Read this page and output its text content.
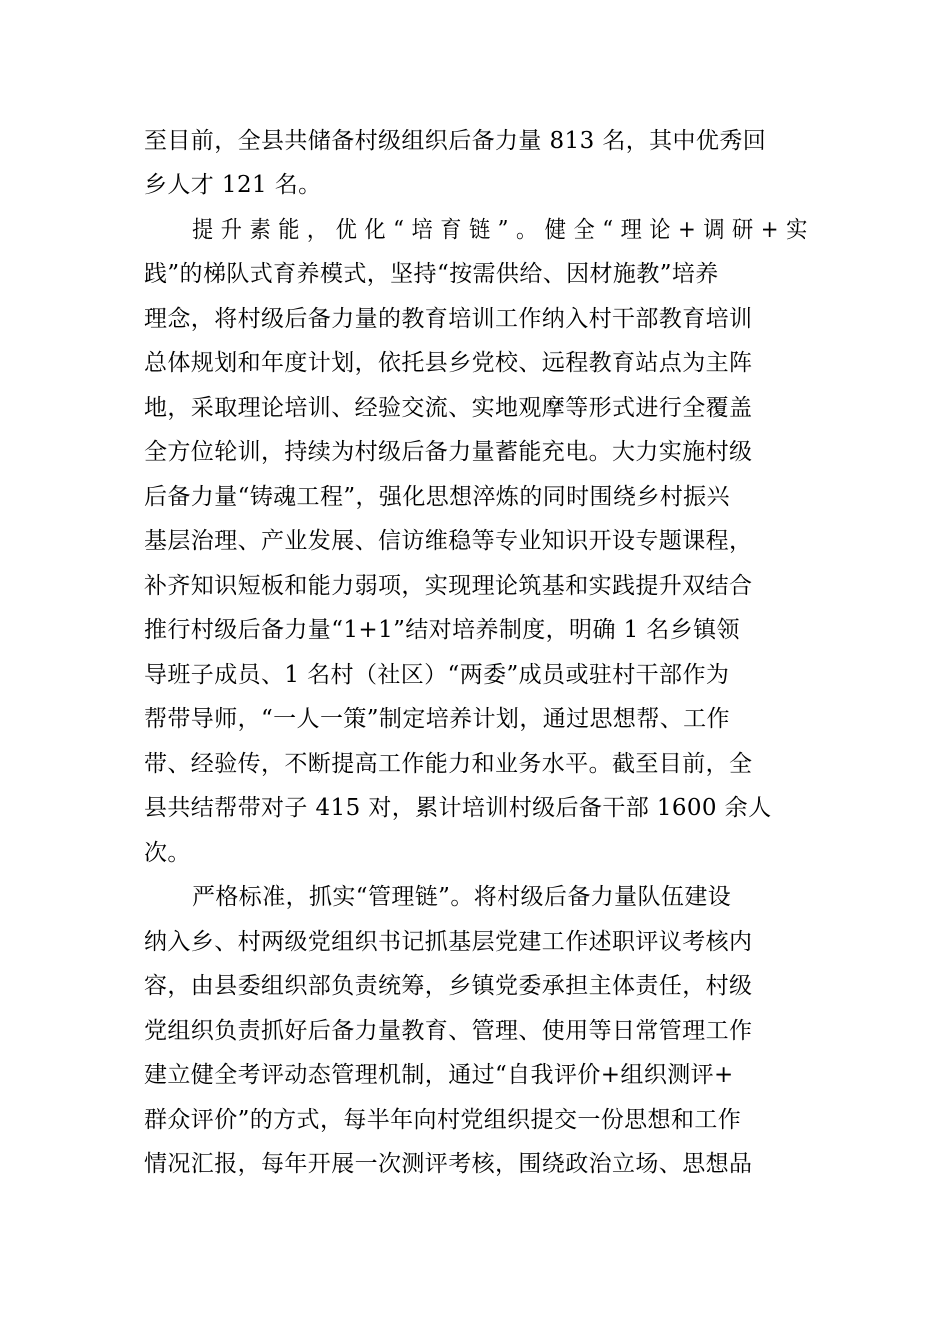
至目前，全县共储备村级组织后备力量 813 名，其中优秀回
乡人才 121 名。
提 升 素 能 ， 优 化 “ 培 育 链 ” 。 健 全 “ 理 论 + 调 研 + 实
践”的梯队式育养模式，坚持“按需供给、因材施教”培养
理念，将村级后备力量的教育培训工作纳入村干部教育培训
总体规划和年度计划，依托县乡党校、远程教育站点为主阵
地，采取理论培训、经验交流、实地观摩等形式进行全覆盖
全方位轮训，持续为村级后备力量蓄能充电。大力实施村级
后备力量“铸魂工程”，强化思想淬炼的同时围绕乡村振兴
基层治理、产业发展、信访维稳等专业知识开设专题课程，
补齐知识短板和能力弱项，实现理论筑基和实践提升双结合
推行村级后备力量“1+1”结对培养制度，明确 1 名乡镇领
导班子成员、1 名村（社区）“两委”成员或驻村干部作为
帮带导师，“一人一策”制定培养计划，通过思想帮、工作
带、经验传，不断提高工作能力和业务水平。截至目前，全
县共结帮带对子 415 对，累计培训村级后备干部 1600 余人
次。
严格标准，抓实“管理链”。将村级后备力量队伍建设
纳入乡、村两级党组织书记抓基层党建工作述职评议考核内
容，由县委组织部负责统筹，乡镇党委承担主体责任，村级
党组织负责抓好后备力量教育、管理、使用等日常管理工作
建立健全考评动态管理机制，通过“自我评价+组织测评+
群众评价”的方式，每半年向村党组织提交一份思想和工作
情况汇报，每年开展一次测评考核，围绕政治立场、思想品
